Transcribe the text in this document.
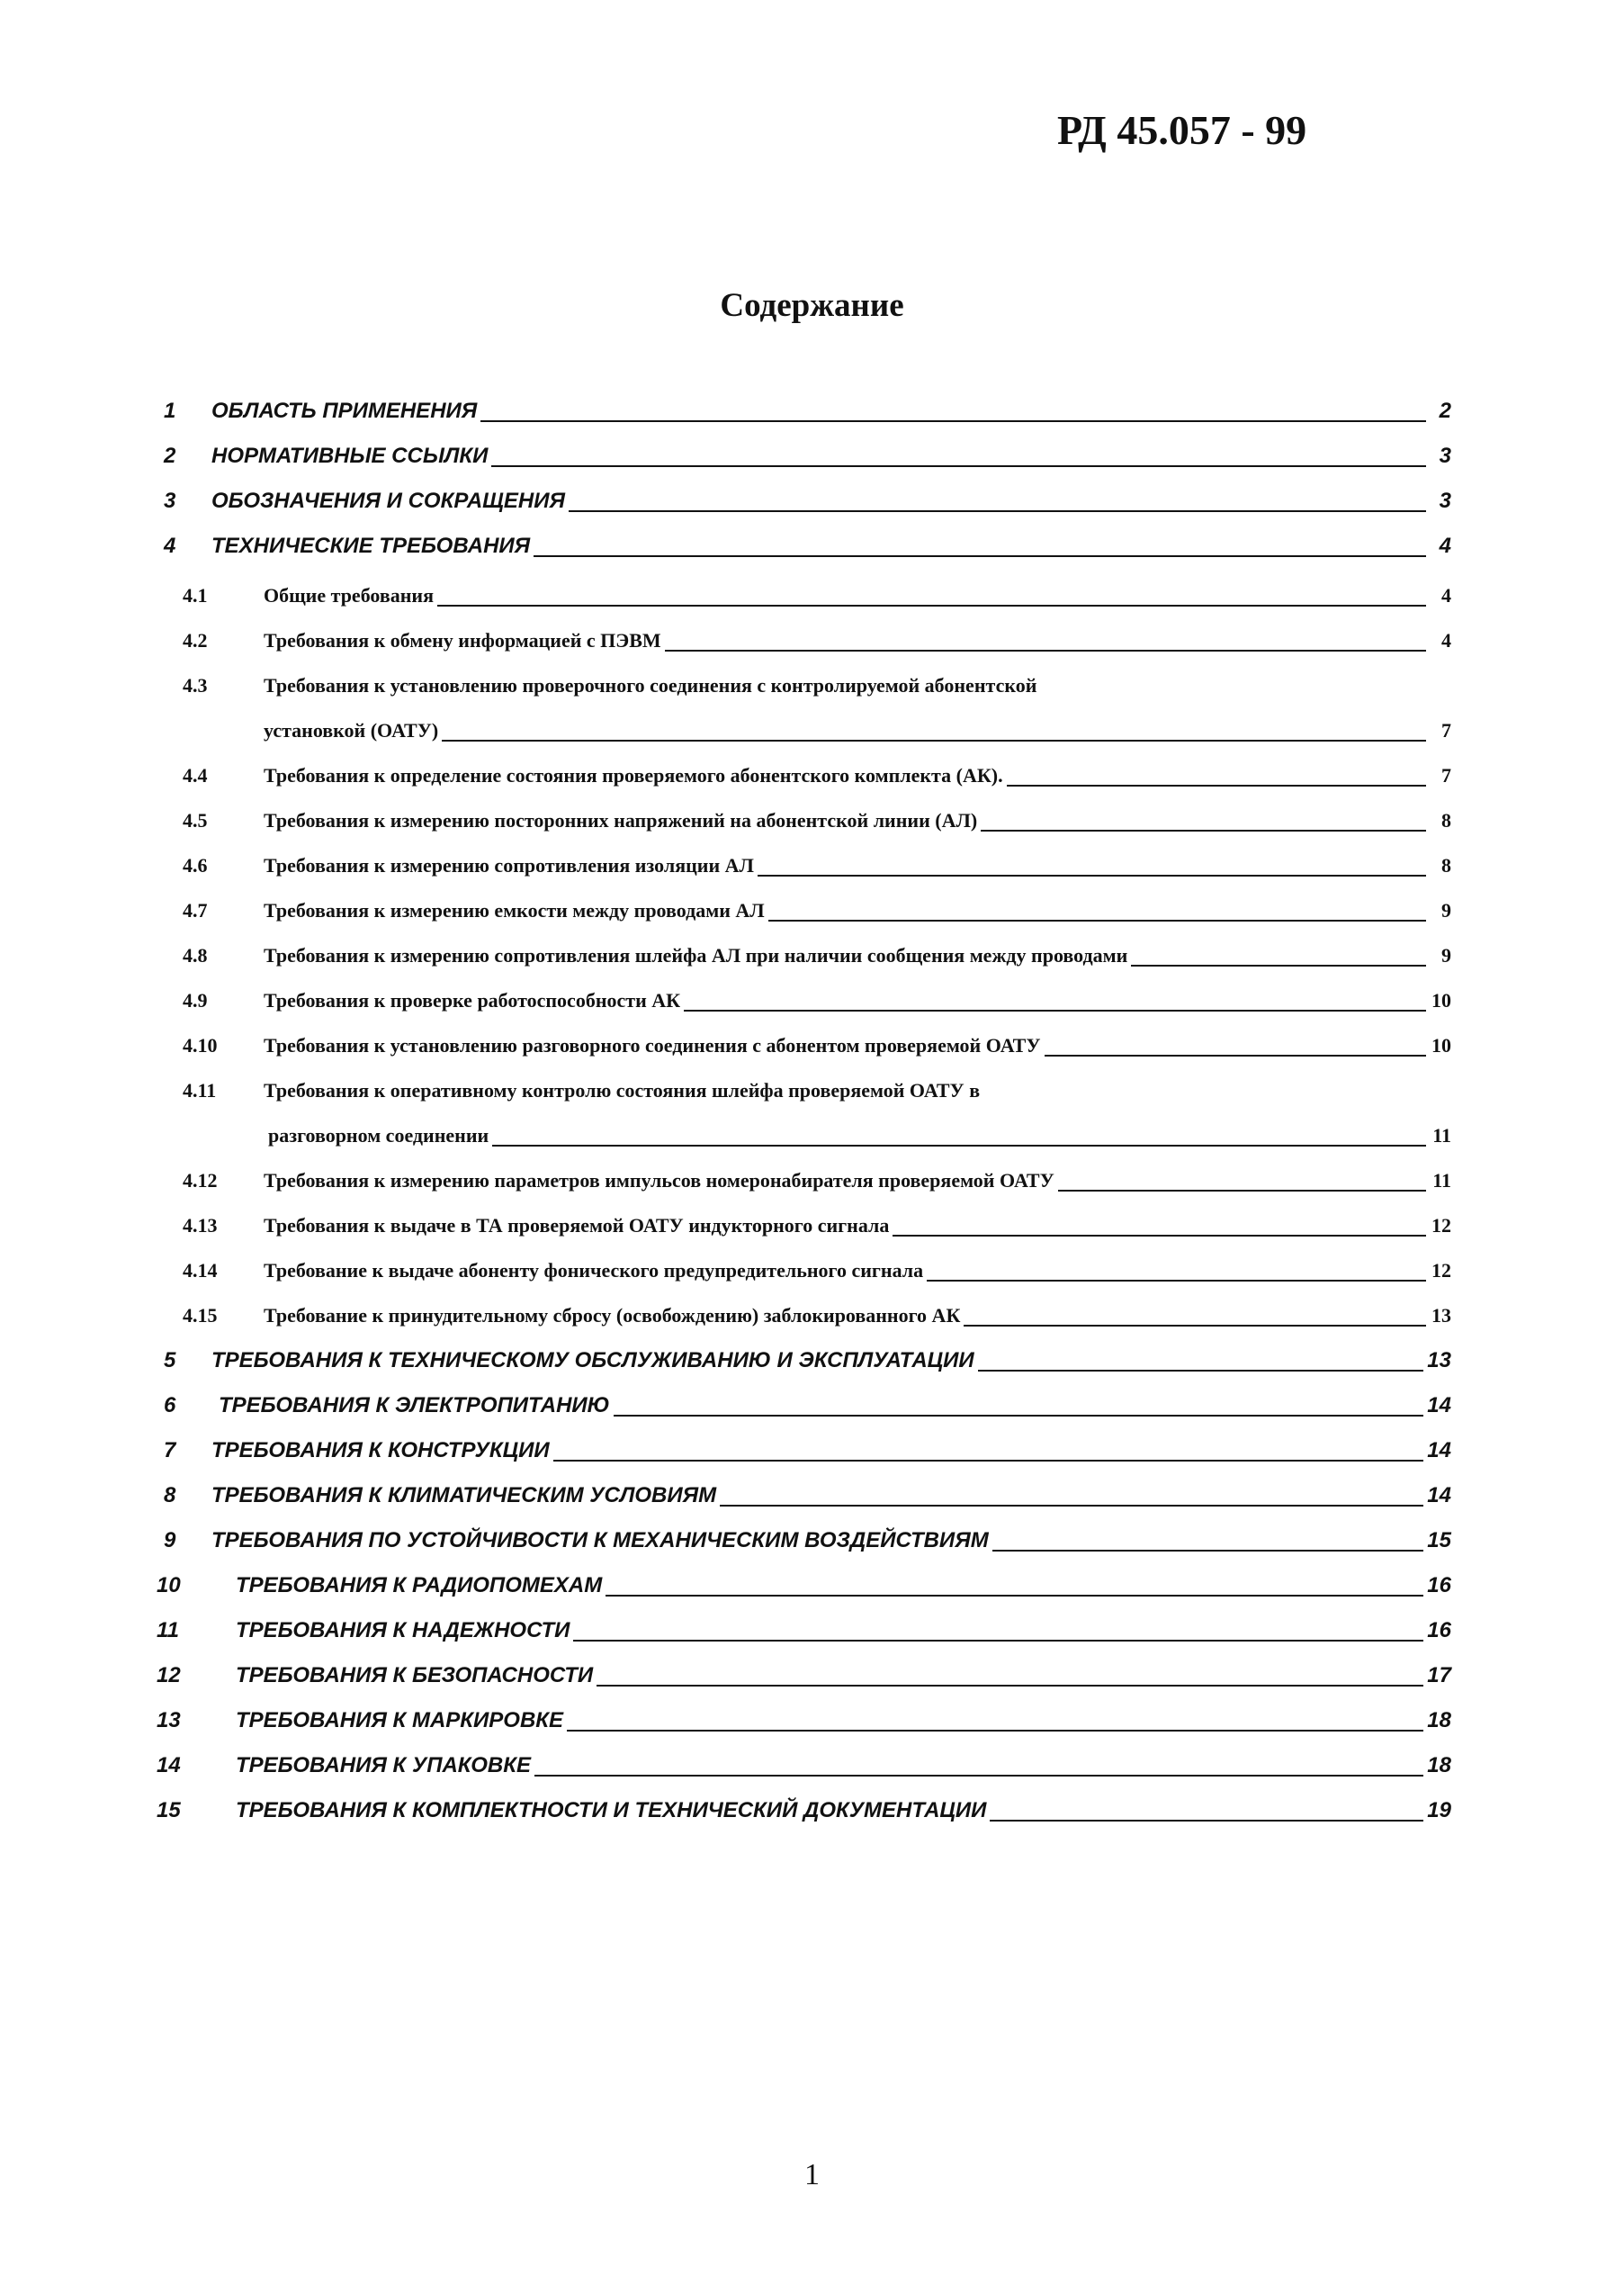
РД 45.057 - 99
Содержание
1 ОБЛАСТЬ ПРИМЕНЕНИЯ	2
2 НОРМАТИВНЫЕ ССЫЛКИ	3
3 ОБОЗНАЧЕНИЯ И СОКРАЩЕНИЯ	3
4 ТЕХНИЧЕСКИЕ ТРЕБОВАНИЯ	4
4.1	Общие требования	4
4.2	Требования к обмену информацией с ПЭВМ	4
4.3	Требования к установлению проверочного соединения с контролируемой абонентской
установкой (ОАТУ)	7
4.4	Требования к определение состояния проверяемого абонентского комплекта (АК).	7
4.5	Требования к измерению посторонних напряжений на абонентской линии (АЛ)	8
4.6	Требования к измерению сопротивления изоляции АЛ	8
4.7	Требования к измерению емкости между проводами АЛ	9
4.8	Требования к измерению сопротивления шлейфа АЛ при наличии сообщения между проводами	9
4.9	Требования к проверке работоспособности АК	10
4.10 Требования к установлению разговорного соединения с абонентом проверяемой ОАТУ	10
4.11 Требования к оперативному контролю состояния шлейфа проверяемой ОАТУ в
разговорном соединении	11
4.12 Требования к измерению параметров импульсов номеронабирателя проверяемой ОАТУ	11
4.13 Требования к выдаче в ТА проверяемой ОАТУ индукторного сигнала	12
4.14 Требование к выдаче абоненту фонического предупредительного сигнала	12
4.15 Требование к принудительному сбросу (освобождению) заблокированного АК	13
5 ТРЕБОВАНИЯ К ТЕХНИЧЕСКОМУ ОБСЛУЖИВАНИЮ И ЭКСПЛУАТАЦИИ	13
6 ТРЕБОВАНИЯ К ЭЛЕКТРОПИТАНИЮ	14
7 ТРЕБОВАНИЯ К КОНСТРУКЦИИ	14
8 ТРЕБОВАНИЯ К КЛИМАТИЧЕСКИМ УСЛОВИЯМ	14
9 ТРЕБОВАНИЯ ПО УСТОЙЧИВОСТИ К МЕХАНИЧЕСКИМ ВОЗДЕЙСТВИЯМ	15
10	ТРЕБОВАНИЯ К РАДИОПОМЕХАМ	16
11	ТРЕБОВАНИЯ К НАДЕЖНОСТИ	16
12	ТРЕБОВАНИЯ К БЕЗОПАСНОСТИ	17
13	ТРЕБОВАНИЯ К МАРКИРОВКЕ	18
14	ТРЕБОВАНИЯ К УПАКОВКЕ	18
15	ТРЕБОВАНИЯ К КОМПЛЕКТНОСТИ И ТЕХНИЧЕСКИЙ ДОКУМЕНТАЦИИ	19
1
